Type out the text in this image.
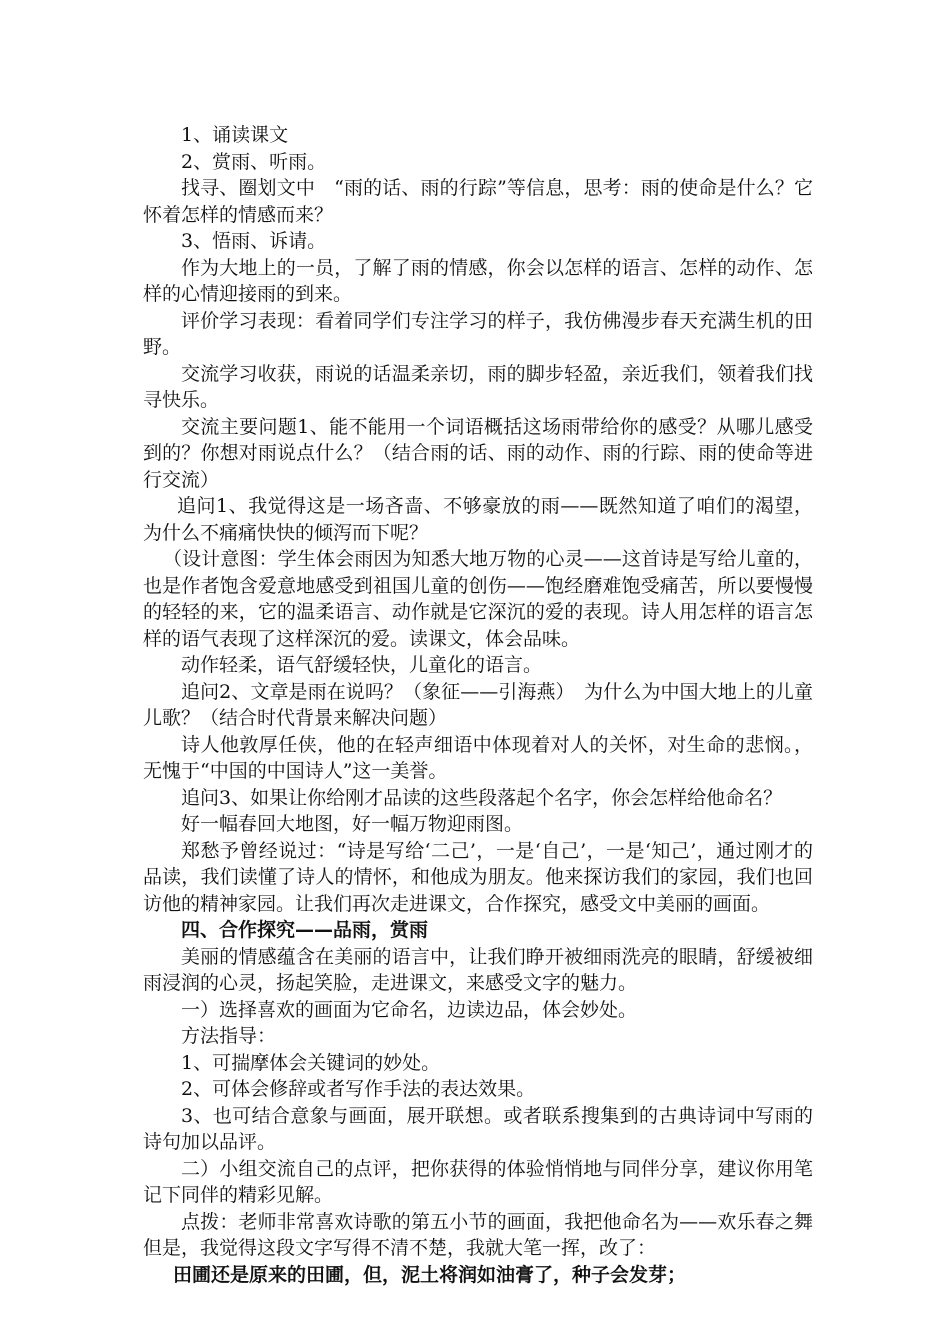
1、诵读课文

2、赏雨、听雨。

找寻、圈划文中　“雨的话、雨的行踪”等信息，思考：雨的使命是什么？它怀着怎样的情感而来？

3、悟雨、诉请。

作为大地上的一员，了解了雨的情感，你会以怎样的语言、怎样的动作、怎样的心情迎接雨的到来。

评价学习表现：看着同学们专注学习的样子，我仿佛漫步春天充满生机的田野。

交流学习收获，雨说的话温柔亲切，雨的脚步轻盈，亲近我们，领着我们找寻快乐。

交流主要问题1、能不能用一个词语概括这场雨带给你的感受？从哪儿感受到的？你想对雨说点什么？（结合雨的话、雨的动作、雨的行踪、雨的使命等进行交流）

追问1、我觉得这是一场吝啬、不够豪放的雨——既然知道了咱们的渴望，为什么不痛痛快快的倾泻而下呢？

（设计意图：学生体会雨因为知悉大地万物的心灵——这首诗是写给儿童的，也是作者饱含爱意地感受到祖国儿童的创伤——饱经磨难饱受痛苦，所以要慢慢的轻轻的来，它的温柔语言、动作就是它深沉的爱的表现。诗人用怎样的语言怎样的语气表现了这样深沉的爱。读课文，体会品味。

动作轻柔，语气舒缓轻快，儿童化的语言。

追问2、文章是雨在说吗？（象征——引海燕）　为什么为中国大地上的儿童儿歌？（结合时代背景来解决问题）

诗人他敦厚任侠，他的在轻声细语中体现着对人的关怀，对生命的悲悯。，无愧于“中国的中国诗人”这一美誉。

追问3、如果让你给刚才品读的这些段落起个名字，你会怎样给他命名？

好一幅春回大地图，好一幅万物迎雨图。

郑愁予曾经说过：“诗是写给‘二己’，一是‘自己’，一是‘知己’，通过刚才的品读，我们读懂了诗人的情怀，和他成为朋友。他来探访我们的家园，我们也回访他的精神家园。让我们再次走进课文，合作探究，感受文中美丽的画面。

四、合作探究——品雨，赏雨

美丽的情感蕴含在美丽的语言中，让我们睁开被细雨洗亮的眼睛，舒缓被细雨浸润的心灵，扬起笑脸，走进课文，来感受文字的魅力。

一）选择喜欢的画面为它命名，边读边品，体会妙处。

方法指导：

1、可揣摩体会关键词的妙处。

2、可体会修辞或者写作手法的表达效果。

3、也可结合意象与画面，展开联想。或者联系搜集到的古典诗词中写雨的诗句加以品评。

二）小组交流自己的点评，把你获得的体验悄悄地与同伴分享，建议你用笔记下同伴的精彩见解。

点拨：老师非常喜欢诗歌的第五小节的画面，我把他命名为——欢乐春之舞但是，我觉得这段文字写得不清不楚，我就大笔一挥，改了：

田圃还是原来的田圃，但，泥土将润如油膏了，种子会发芽；
